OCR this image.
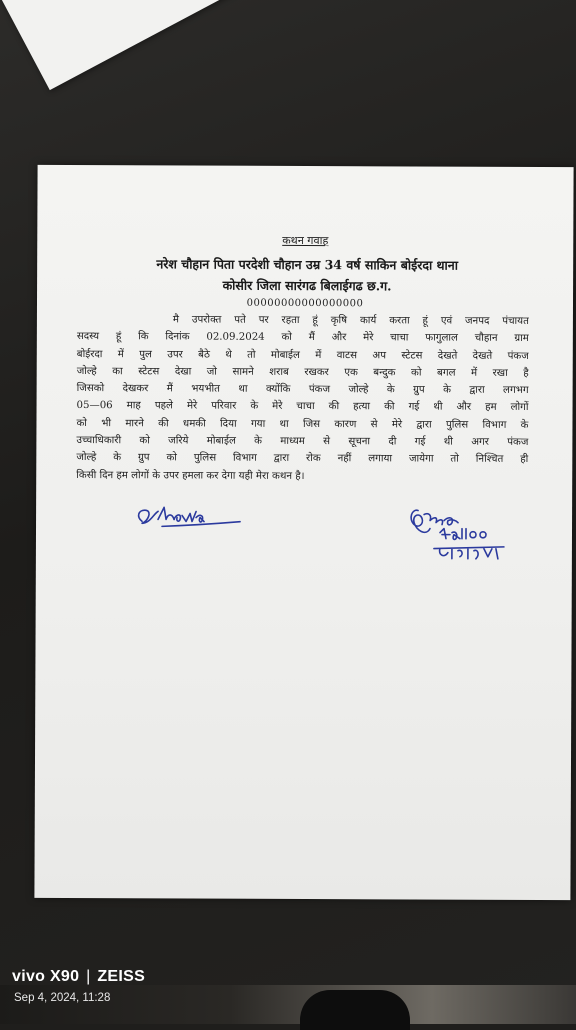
कथन गवाह
नरेश चौहान पिता परदेशी चौहान उम्र 34 वर्ष साकिन बोईरदा थाना
कोसीर जिला सारंगढ बिलाईगढ छ.ग.
00000000000000000
मै उपरोक्त पते पर रहता हूं कृषि कार्य करता हूं एवं जनपद पंचायत
सदस्य हूं कि दिनांक 02.09.2024 को मैं और मेरे चाचा फागुलाल चौहान ग्राम
बोईरदा में पुल उपर बैठे थे तो मोबाईल में वाटस अप स्टेटस देखते देखते पंकज
जोल्हे का स्टेटस देखा जो सामने शराब रखकर एक बन्दुक को बगल में रखा है
जिसको देखकर मैं भयभीत था क्योंकि पंकज जोल्हे के ग्रुप के द्वारा लगभग
05—06 माह पहले मेरे परिवार के मेरे चाचा की हत्या की गई थी और हम लोगों
को भी मारने की धमकी दिया गया था जिस कारण से मेरे द्वारा पुलिस विभाग के
उच्चाधिकारी को जरिये मोबाईल के माध्यम से सूचना दी गई थी अगर पंकज
जोल्हे के ग्रुप को पुलिस विभाग द्वारा रोक नहीं लगाया जायेगा तो निश्चित ही
किसी दिन हम लोगों के उपर हमला कर देगा यही मेरा कथन है।
vivo X90 | ZEISS
Sep 4, 2024, 11:28
